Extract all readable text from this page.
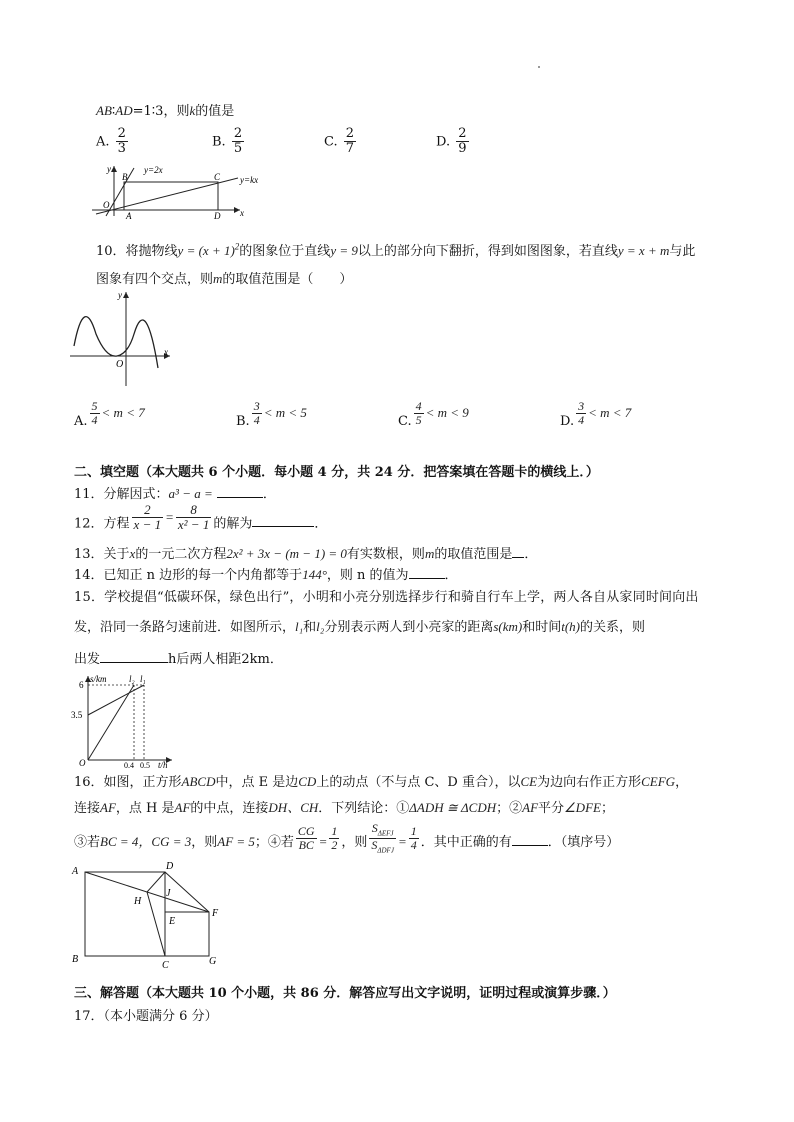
AB∶AD=1∶3，则k的值是
A. $\frac{2}{3}$	B. $\frac{2}{5}$	C. $\frac{2}{7}$	D. $\frac{2}{9}$
y
x
O
A
B	C
D
y=2x
y=kx
10．将抛物线$y = (x + 1)^2$的图象位于直线y = 9以上的部分向下翻折，得到如图图象，若直线y = x + m与此
图象有四个交点，则m的取值范围是（　　）
y
x
O
A. $\frac{5}{4} < m < 7$
B. $\frac{3}{4} < m < 5$
C. $\frac{4}{5} < m < 9$
D. $\frac{3}{4} < m < 7$
二、填空题（本大题共 6 个小题．每小题 4 分，共 24 分．把答案填在答题卡的横线上．）
11．分解因式：a³ − a =	．
12．方程 $\frac{2}{x - 1} = \frac{8}{\text{x² − 1}}$ 的解为	．
13．关于x的一元二次方程2x² + 3x − (m − 1) = 0有实数根，则m的取值范围是 ．
14．已知正 n 边形的每一个内角都等于144°，则 n 的值为	．
15．学校提倡“低碳环保，绿色出行”，小明和小亮分别选择步行和骑自行车上学，两人各自从家同时间向出
发，沿同一条路匀速前进．如图所示，l₁和l₂分别表示两人到小亮家的距离s(km)和时间t(h)的关系，则
出发	h后两人相距2km．
s/km
t/h
O
6
3.5
0.4 0.5
l₂ l₁
16．如图，正方形ABCD中，点 E 是边CD上的动点（不与点 C、D 重合），以CE为边向右作正方形CEFG，
连接AF，点 H 是AF的中点，连接DH、CH．下列结论：①ΔADH ≅ ΔCDH；②AF平分∠DFE；
③若BC = 4，CG = 3，则AF = 5；④若 $\frac{CG}{BC} = \frac{1}{2}$ ，则 $\frac{S_{\Delta EFJ}}{S_{\Delta DFJ}} = \frac{1}{4}$ ．其中正确的有	．（填序号）
A
B
C
D
E
F
G
H
J
三、解答题（本大题共 10 个小题，共 86 分．解答应写出文字说明，证明过程或演算步骤．）
17．（本小题满分 6 分）
